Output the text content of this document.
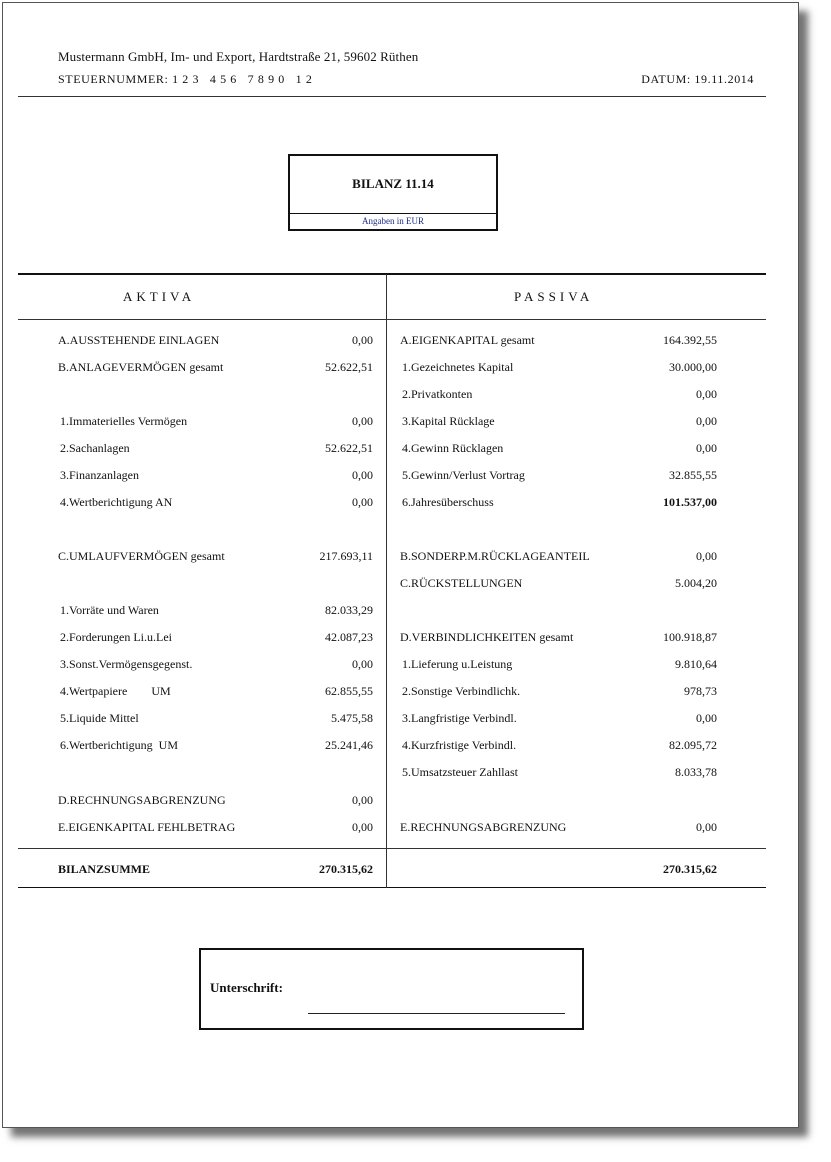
Mustermann GmbH, Im- und Export, Hardtstraße 21, 59602 Rüthen
STEUERNUMMER: 1 2 3   4 5 6   7 8 9 0   1 2	DATUM: 19.11.2014
BILANZ 11.14
Angaben in EUR
AKTIVA	PASSIVA
A.AUSSTEHENDE EINLAGEN	0,00
B.ANLAGEVERMÖGEN gesamt	52.622,51
1.Immaterielles Vermögen	0,00
2.Sachanlagen	52.622,51
3.Finanzanlagen	0,00
4.Wertberichtigung AN	0,00
C.UMLAUFVERMÖGEN gesamt	217.693,11
1.Vorräte und Waren	82.033,29
2.Forderungen Li.u.Lei	42.087,23
3.Sonst.Vermögensgegenst.	0,00
4.Wertpapiere        UM	62.855,55
5.Liquide Mittel	5.475,58
6.Wertberichtigung  UM	25.241,46
D.RECHNUNGSABGRENZUNG	0,00
E.EIGENKAPITAL FEHLBETRAG	0,00
A.EIGENKAPITAL gesamt	164.392,55
1.Gezeichnetes Kapital	30.000,00
2.Privatkonten	0,00
3.Kapital Rücklage	0,00
4.Gewinn Rücklagen	0,00
5.Gewinn/Verlust Vortrag	32.855,55
6.Jahresüberschuss	101.537,00
B.SONDERP.M.RÜCKLAGEANTEIL	0,00
C.RÜCKSTELLUNGEN	5.004,20
D.VERBINDLICHKEITEN gesamt	100.918,87
1.Lieferung u.Leistung	9.810,64
2.Sonstige Verbindlichk.	978,73
3.Langfristige Verbindl.	0,00
4.Kurzfristige Verbindl.	82.095,72
5.Umsatzsteuer Zahllast	8.033,78
E.RECHNUNGSABGRENZUNG	0,00
BILANZSUMME	270.315,62	270.315,62
Unterschrift:
